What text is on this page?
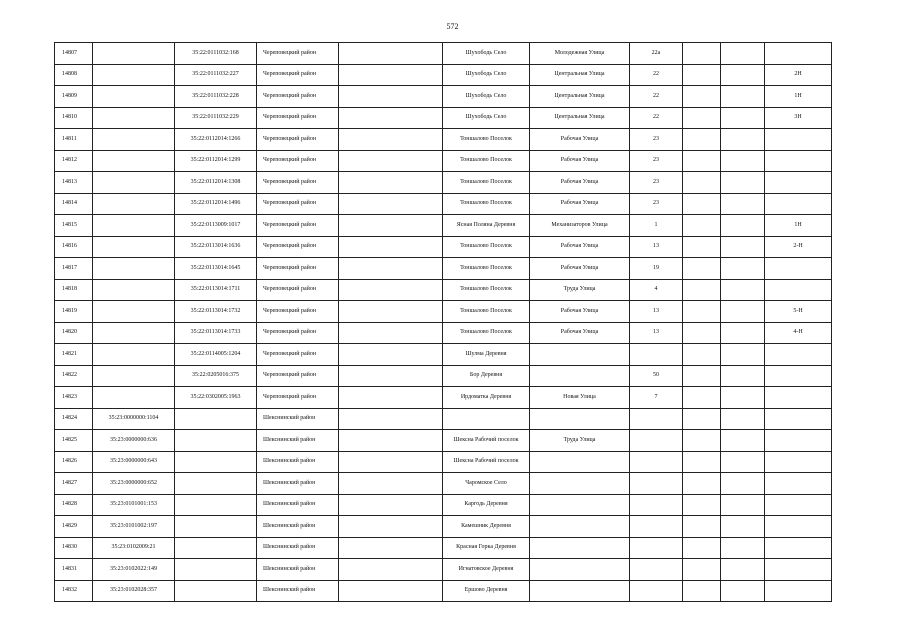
572
14807		35:22:0111032:168	Череповецкий район		Шухободь Село	Молодежная Улица	22а			
14808		35:22:0111032:227	Череповецкий район		Шухободь Село	Центральная Улица	22			2Н
14809		35:22:0111032:228	Череповецкий район		Шухободь Село	Центральная Улица	22			1Н
14810		35:22:0111032:229	Череповецкий район		Шухободь Село	Центральная Улица	22			3Н
14811		35:22:0112014:1266	Череповецкий район		Тоншалово Поселок	Рабочая Улица	23			
14812		35:22:0112014:1299	Череповецкий район		Тоншалово Поселок	Рабочая Улица	23			
14813		35:22:0112014:1308	Череповецкий район		Тоншалово Поселок	Рабочая Улица	23			
14814		35:22:0112014:1496	Череповецкий район		Тоншалово Поселок	Рабочая Улица	23			
14815		35:22:0113009:1017	Череповецкий район		Ясная Поляна Деревня	Механизаторов Улица	1			1Н
14816		35:22:0113014:1636	Череповецкий район		Тоншалово Поселок	Рабочая Улица	13			2-Н
14817		35:22:0113014:1645	Череповецкий район		Тоншалово Поселок	Рабочая Улица	19			
14818		35:22:0113014:1711	Череповецкий район		Тоншалово Поселок	Труда Улица	4			
14819		35:22:0113014:1732	Череповецкий район		Тоншалово Поселок	Рабочая Улица	13			5-Н
14820		35:22:0113014:1733	Череповецкий район		Тоншалово Поселок	Рабочая Улица	13			4-Н
14821		35:22:0114005:1204	Череповецкий район		Шулма Деревня					
14822		35:22:0205016:375	Череповецкий район		Бор Деревня		50			
14823		35:22:0302005:1963	Череповецкий район		Ирдоматка Деревня	Новая Улица	7			
14824	35:23:0000000:1104		Шекснинский район							
14825	35:23:0000000:636		Шекснинский район		Шексна Рабочий поселок	Труда Улица				
14826	35:23:0000000:643		Шекснинский район		Шексна Рабочий поселок					
14827	35:23:0000000:652		Шекснинский район		Чаромское Село					
14828	35:23:0101001:153		Шекснинский район		Каргодь Деревня					
14829	35:23:0101002:197		Шекснинский район		Камешник Деревня					
14830	35:23:0102009:21		Шекснинский район		Красная Горка Деревня					
14831	35:23:0102022:149		Шекснинский район		Игнатовское Деревня					
14832	35:23:0102028:357		Шекснинский район		Ершово Деревня					
